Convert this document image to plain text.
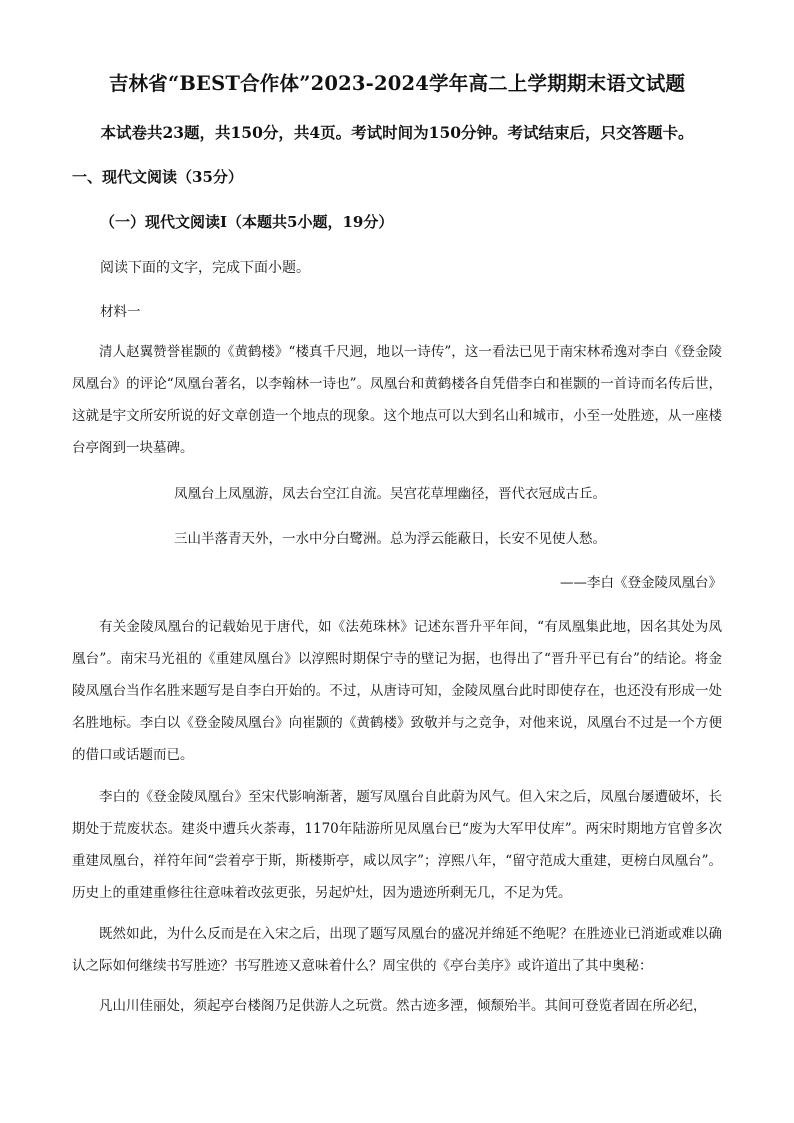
吉林省“BEST合作体”2023-2024学年高二上学期期末语文试题
本试卷共23题，共150分，共4页。考试时间为150分钟。考试结束后，只交答题卡。
一、现代文阅读（35分）
（一）现代文阅读Ⅰ（本题共5小题，19分）
阅读下面的文字，完成下面小题。
材料一

清人赵翼赞誉崔颢的《黄鹤楼》“楼真千尺迥，地以一诗传”，这一看法已见于南宋林希逸对李白《登金陵凤凰台》的评论“凤凰台著名，以李翰林一诗也”。凤凰台和黄鹤楼各自凭借李白和崔颢的一首诗而名传后世，这就是宇文所安所说的好文章创造一个地点的现象。这个地点可以大到名山和城市，小至一处胜迹，从一座楼台亭阁到一块墓碑。

凤凰台上凤凰游，凤去台空江自流。吴宫花草埋幽径，晋代衣冠成古丘。
三山半落青天外，一水中分白鹭洲。总为浮云能蔽日，长安不见使人愁。
——李白《登金陵凤凰台》

有关金陵凤凰台的记载始见于唐代，如《法苑珠林》记述东晋升平年间，“有凤凰集此地，因名其处为凤凰台”。南宋马光祖的《重建凤凰台》以淳熙时期保宁寺的壁记为据，也得出了“晋升平已有台”的结论。将金陵凤凰台当作名胜来题写是自李白开始的。不过，从唐诗可知，金陵凤凰台此时即使存在，也还没有形成一处名胜地标。李白以《登金陵凤凰台》向崔颢的《黄鹤楼》致敬并与之竞争，对他来说，凤凰台不过是一个方便的借口或话题而已。

李白的《登金陵凤凰台》至宋代影响渐著，题写凤凰台自此蔚为风气。但入宋之后，凤凰台屡遭破坏，长期处于荒废状态。建炎中遭兵火荼毒，1170年陆游所见凤凰台已“废为大军甲仗库”。两宋时期地方官曾多次重建凤凰台，祥符年间“尝着亭于斯，斯楼斯亭，咸以凤字”；淳熙八年，“留守范成大重建，更榜白凤凰台”。历史上的重建重修往往意味着改弦更张，另起炉灶，因为遗迹所剩无几，不足为凭。

既然如此，为什么反而是在入宋之后，出现了题写凤凰台的盛况并绵延不绝呢？在胜迹业已消逝或难以确认之际如何继续书写胜迹？书写胜迹又意味着什么？周宝供的《亭台美序》或许道出了其中奥秘：

凡山川佳丽处，须起亭台楼阁乃足供游人之玩赏。然古迹多湮，倾颓殆半。其间可登览者固在所必纪，
